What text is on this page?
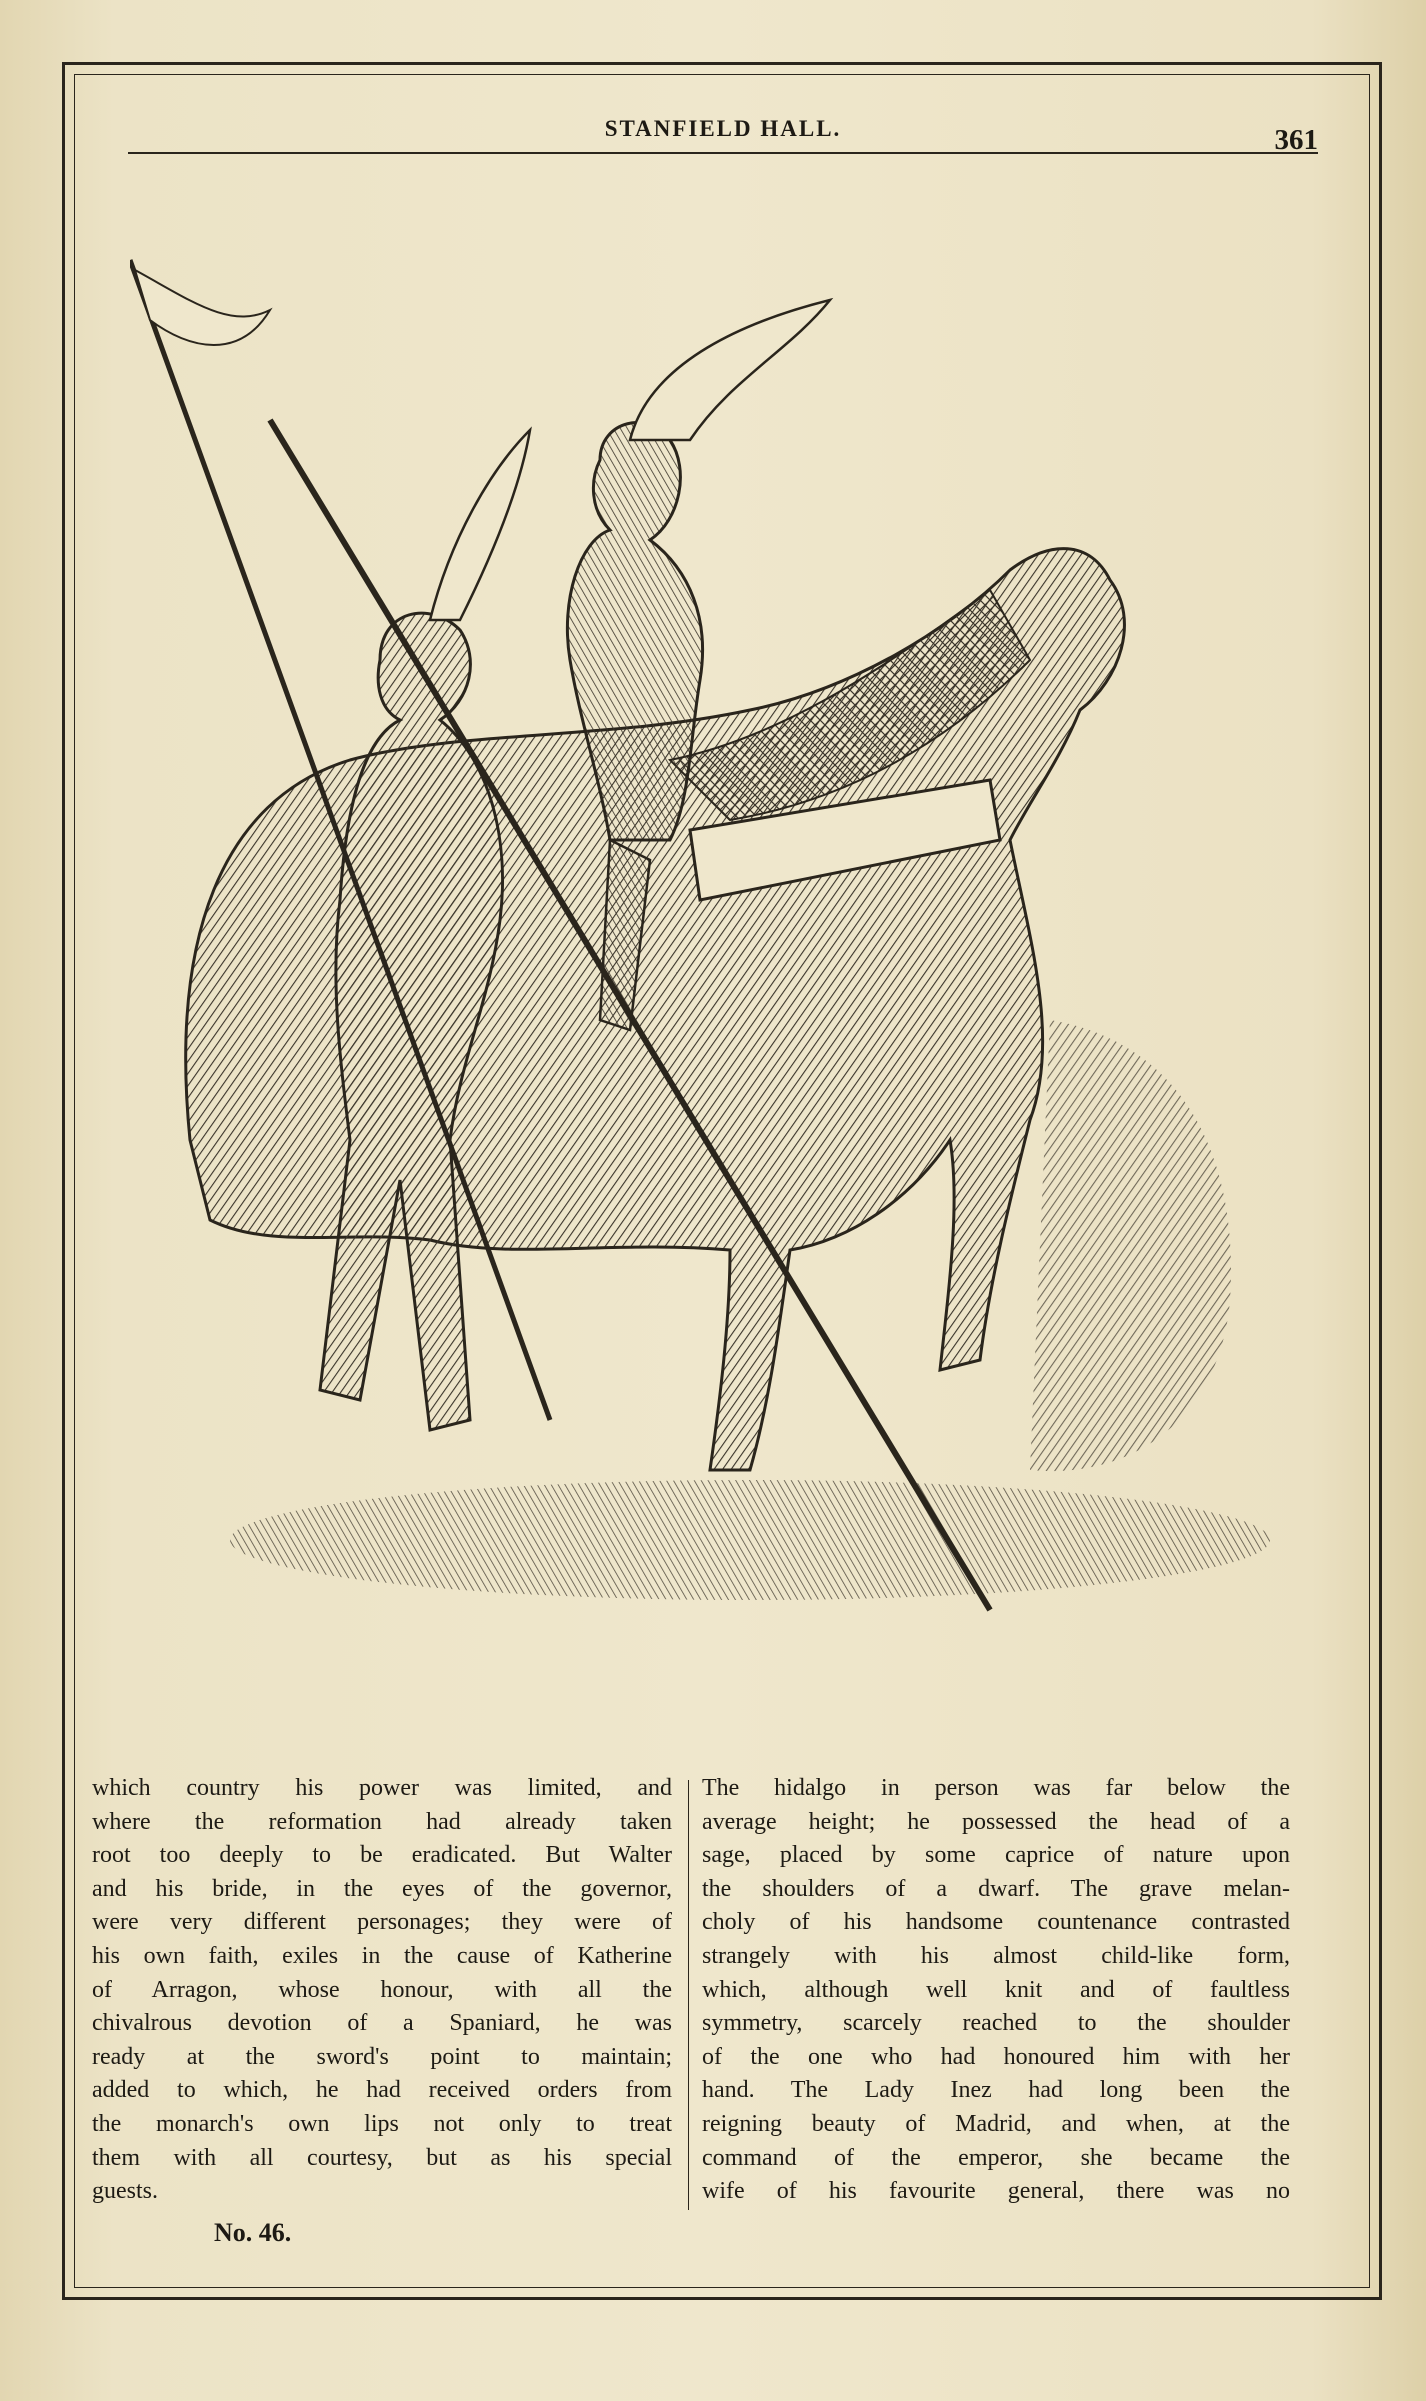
STANFIELD HALL.	361
which country his power was limited, and
where the reformation had already taken
root too deeply to be eradicated. But Walter
and his bride, in the eyes of the governor,
were very different personages; they were of
his own faith, exiles in the cause of Katherine
of Arragon, whose honour, with all the
chivalrous devotion of a Spaniard, he was
ready at the sword's point to maintain;
added to which, he had received orders from
the monarch's own lips not only to treat
them with all courtesy, but as his special
guests.
The hidalgo in person was far below the
average height; he possessed the head of a
sage, placed by some caprice of nature upon
the shoulders of a dwarf. The grave melan-
choly of his handsome countenance contrasted
strangely with his almost child-like form,
which, although well knit and of faultless
symmetry, scarcely reached to the shoulder
of the one who had honoured him with her
hand. The Lady Inez had long been the
reigning beauty of Madrid, and when, at the
command of the emperor, she became the
wife of his favourite general, there was no
No. 46.
